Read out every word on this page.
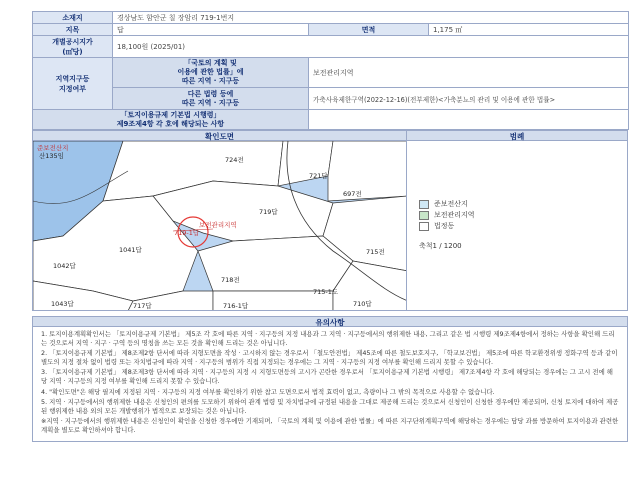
소재지	경상남도 함안군 칠 장암리 719-1번지		
지목	답	면적	1,175 ㎡
개별공시지가
(㎡당)	18,100원 (2025/01)		
지역지구등
지정여부	「국토의 계획 및
이용에 관한 법률」에
따른 지역 · 지구등	보전관리지역	
	다른 법령 등에
따른 지역 · 지구등	가축사육제한구역(2022-12-16)(전부제한)<가축분뇨의 관리 및 이용에 관한 법률>	
「토지이용규제 기본법 시행령」
제9조제4항 각 호에 해당되는 사항			
확인도면	범례
준보전산지
산135임	724전
721답
697전
719답
보전관리지역
719-1답
1041답
1042답
715전
718전
715-1도
717답	716-1답	710답
1043답
준보전산지
보전관리지역
법정동
축척1 / 1200
유의사항

1. 토지이용계획확인서는 「토지이용규제 기본법」 제5조 각 호에 따른 지역 · 지구등의 지정 내용과 그 지역 · 지구등에서의 행위제한 내용, 그리고 같은 법 시행령 제9조제4항에서 정하는 사항을 확인해 드리는 것으로서 지역 · 지구 · 구역 등의 명칭을 쓰는 모든 것을 확인해 드리는 것은 아닙니다.

2. 「토지이용규제 기본법」 제8조제2항 단서에 따라 지형도면을 작성 · 고시하지 않는 경우로서 「철도안전법」 제45조에 따른 철도보호지구, 「학교보건법」 제5조에 따른 학교환경위생 정화구역 등과 같이 별도의 지정 절차 없이 법령 또는 자치법규에 따라 지역 · 지구등의 범위가 직접 지정되는 경우에는 그 지역 · 지구등의 지정 여부를 확인해 드리지 못할 수 있습니다.

3. 「토지이용규제 기본법」 제8조제3항 단서에 따라 지역 · 지구등의 지정 시 지형도면등의 고시가 곤란한 경우로서 「토지이용규제 기본법 시행령」 제7조제4항 각 호에 해당되는 경우에는 그 고시 전에 해당 지역 · 지구등의 지정 여부를 확인해 드리지 못할 수 있습니다.

4. "확인도면"은 해당 필지에 지정된 지역 · 지구등의 지정 여부를 확인하기 위한 참고 도면으로서 법적 효력이 없고, 측량이나 그 밖의 목적으로 사용할 수 없습니다.

5. 지역 · 지구등에서의 행위제한 내용은 신청인의 편의를 도모하기 위하여 관계 법령 및 자치법규에 규정된 내용을 그대로 제공해 드리는 것으로서 신청인이 신청한 경우에만 제공되며, 신청 토지에 대하여 제공된 행위제한 내용 외의 모든 개발행위가 법적으로 보장되는 것은 아닙니다.

※지역 · 지구등에서의 행위제한 내용은 신청인이 확인을 신청한 경우에만 기재되며, 「국토의 계획 및 이용에 관한 법률」에 따른 지구단위계획구역에 해당하는 경우에는 담당 과를 방문하여 토지이용과 관련한 계획을 별도로 확인하셔야 합니다.
